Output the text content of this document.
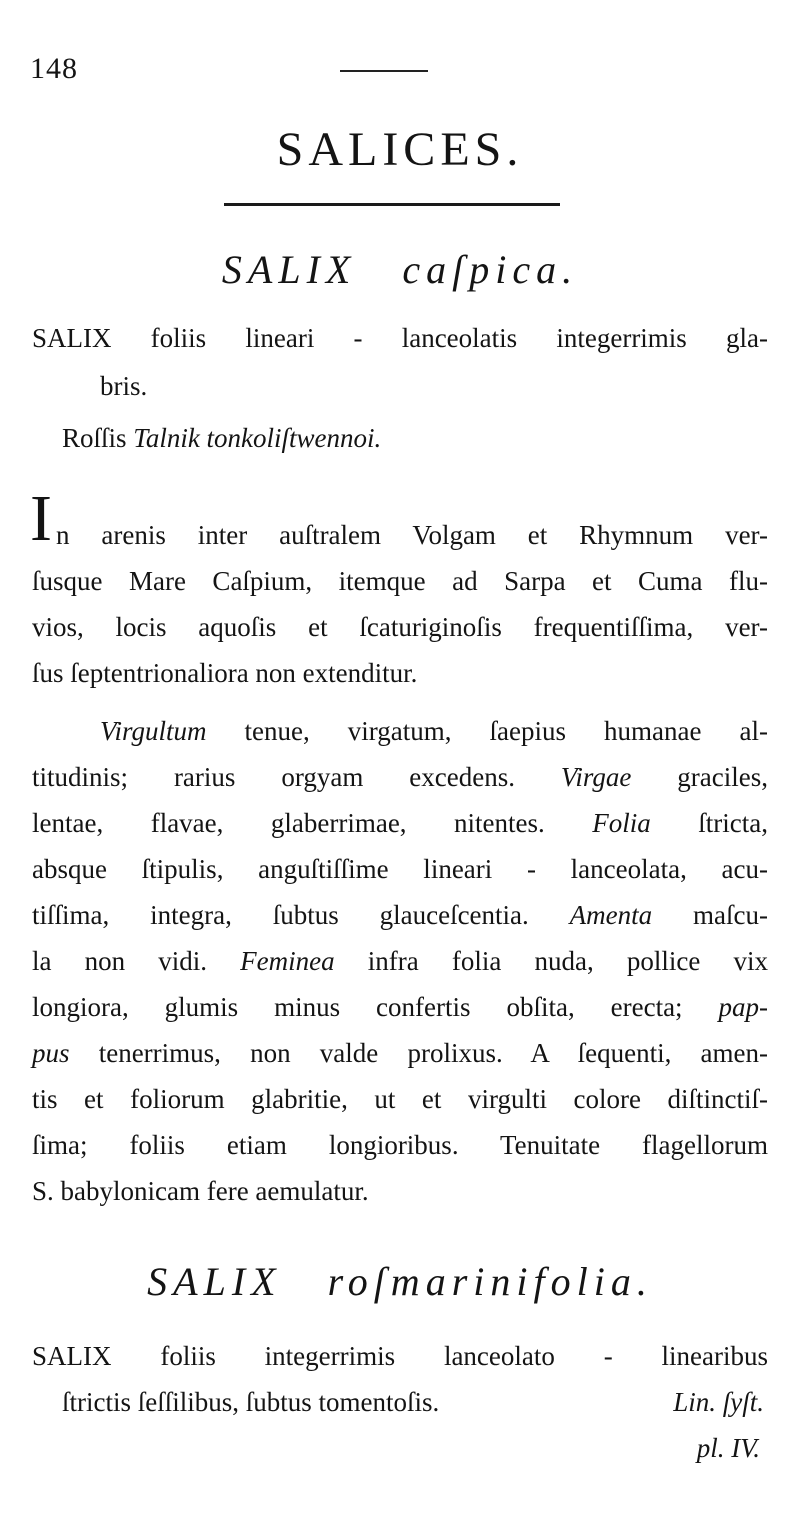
148
SALICES.
SALIX caſpica.
SALIX foliis lineari - lanceolatis integerrimis gla-
bris.
Roſſis Talnik tonkoliſtwennoi.
I n arenis inter auſtralem Volgam et Rhymnum ver-
ſusque Mare Caſpium, itemque ad Sarpa et Cuma flu-
vios, locis aquoſis et ſcaturiginoſis frequentiſſima, ver-
ſus ſeptentrionaliora non extenditur.
Virgultum tenue, virgatum, ſaepius humanae al-
titudinis; rarius orgyam excedens. Virgae graciles,
lentae, flavae, glaberrimae, nitentes. Folia ſtricta,
absque ſtipulis, anguſtiſſime lineari - lanceolata, acu-
tiſſima, integra, ſubtus glauceſcentia. Amenta maſcu-
la non vidi. Feminea infra folia nuda, pollice vix
longiora, glumis minus confertis obſita, erecta; pap-
pus tenerrimus, non valde prolixus. A ſequenti, amen-
tis et foliorum glabritie, ut et virgulti colore diſtinctiſ-
ſima; foliis etiam longioribus. Tenuitate flagellorum
S. babylonicam fere aemulatur.
SALIX roſmarinifolia.
SALIX foliis integerrimis lanceolato - linearibus
ſtrictis ſeſſilibus, ſubtus tomentoſis.	Lin. ſyſt.
pl. IV.
